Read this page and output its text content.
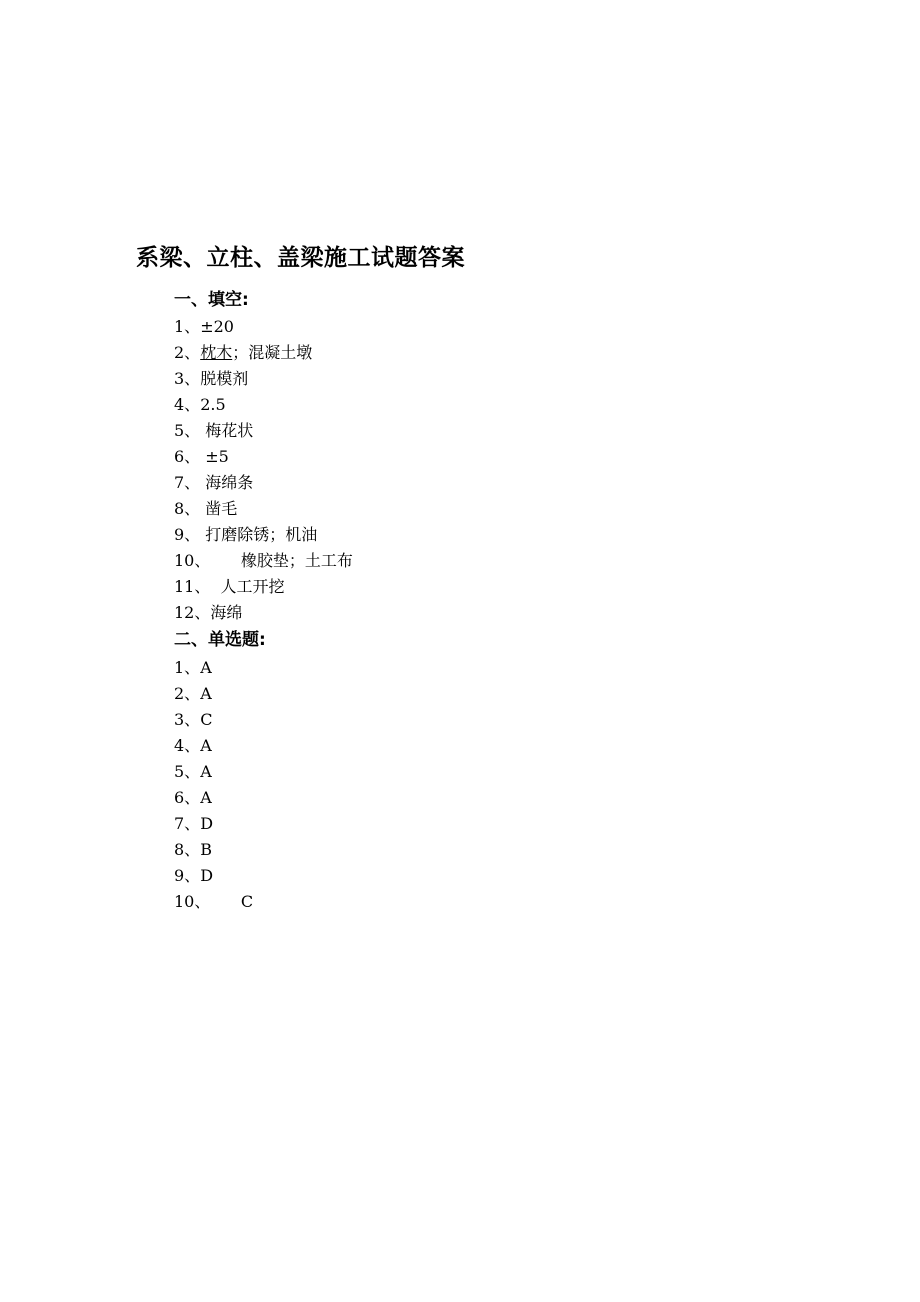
系梁、立柱、盖梁施工试题答案
一、填空:
1、±20
2、枕木；混凝土墩
3、脱模剂
4、2.5
5、 梅花状
6、 ±5
7、 海绵条
8、 凿毛
9、 打磨除锈；机油
10、      橡胶垫；土工布
11、  人工开挖
12、海绵
二、单选题:
1、A
2、A
3、C
4、A
5、A
6、A
7、D
8、B
9、D
10、      C
